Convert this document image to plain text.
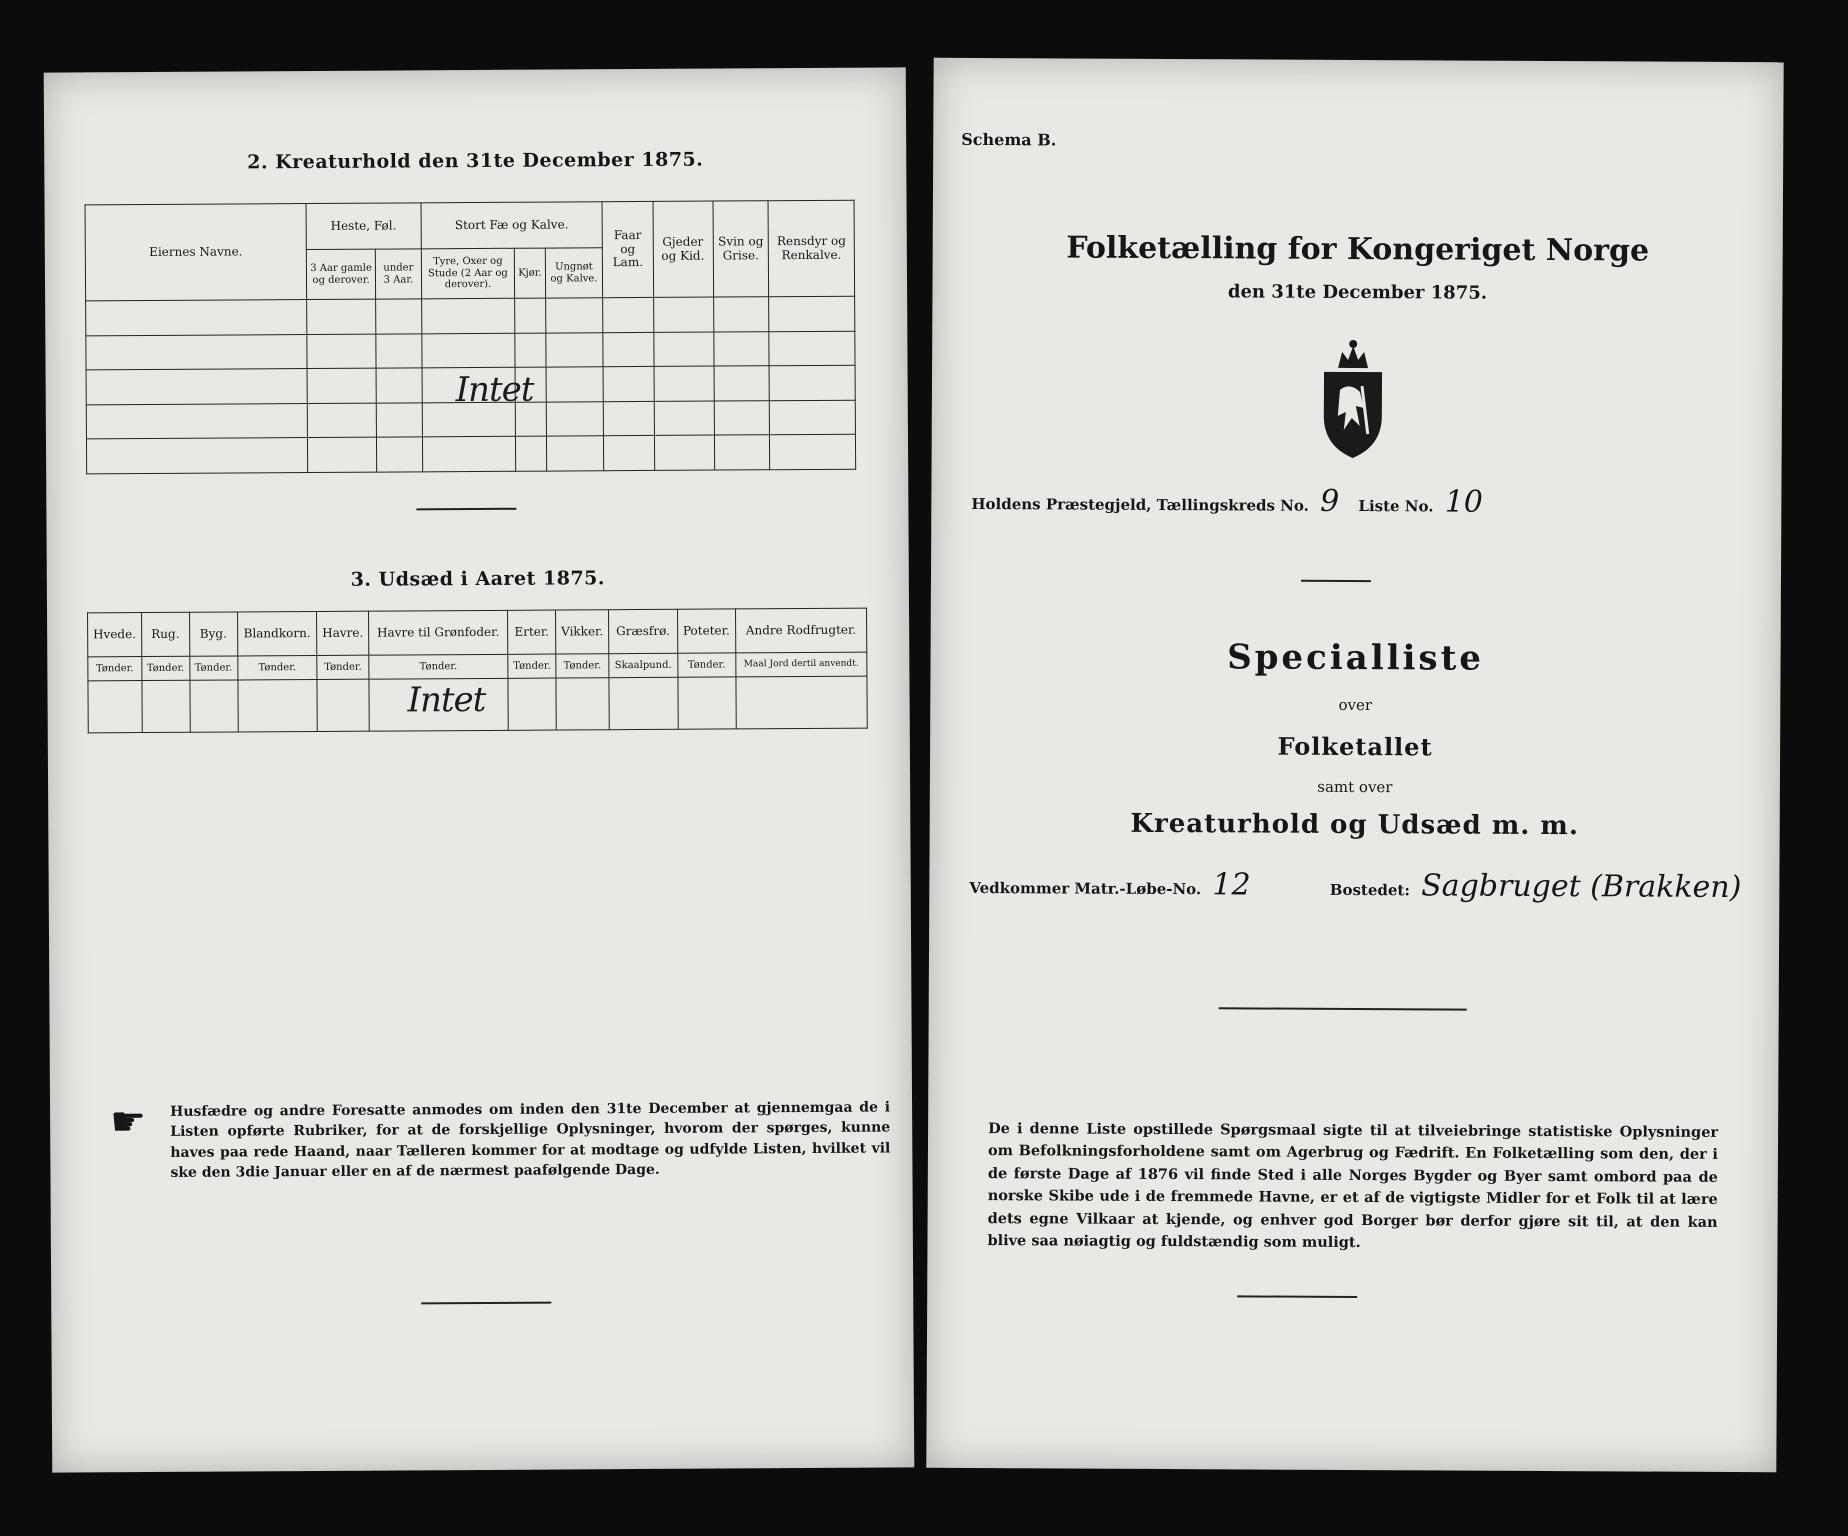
2. Kreaturhold den 31te December 1875.
Eiernes Navne.	Heste, Føl.		Stort Fæ og Kalve.			Faar og Lam.	Gjeder og Kid.	Svin og Grise.	Rensdyr og Renkalve.
	3 Aar gamle og derover.	under 3 Aar.	Tyre, Oxer og Stude (2 Aar og derover).	Kjør.	Ungnøt og Kalve.				

Intet
3. Udsæd i Aaret 1875.
Hvede.	Rug.	Byg.	Blandkorn.	Havre.	Havre til Grønfoder.	Erter.	Vikker.	Græsfrø.	Poteter.	Andre Rodfrugter.
Tønder.	Tønder.	Tønder.	Tønder.	Tønder.	Tønder.	Tønder.	Tønder.	Skaalpund.	Tønder.	Maal Jord dertil anvendt.

Intet
☛ Husfædre og andre Foresatte anmodes om inden den 31te December at gjennemgaa de i Listen opførte Rubriker, for at de forskjellige Oplysninger, hvorom der spørges, kunne haves paa rede Haand, naar Tælleren kommer for at modtage og udfylde Listen, hvilket vil ske den 3die Januar eller en af de nærmest paafølgende Dage.
Schema B.
Folketælling for Kongeriget Norge
den 31te December 1875.
Holdens Præstegjeld, Tællingskreds No. 9 Liste No. 10
Specialliste
over
Folketallet
samt over
Kreaturhold og Udsæd m. m.
Vedkommer Matr.-Løbe-No. 12	Bostedet: Sagbruget (Brakken)
De i denne Liste opstillede Spørgsmaal sigte til at tilveiebringe statistiske Oplysninger om Befolkningsforholdene samt om Agerbrug og Fædrift. En Folketælling som den, der i de første Dage af 1876 vil finde Sted i alle Norges Bygder og Byer samt ombord paa de norske Skibe ude i de fremmede Havne, er et af de vigtigste Midler for et Folk til at lære dets egne Vilkaar at kjende, og enhver god Borger bør derfor gjøre sit til, at den kan blive saa nøiagtig og fuldstændig som muligt.
